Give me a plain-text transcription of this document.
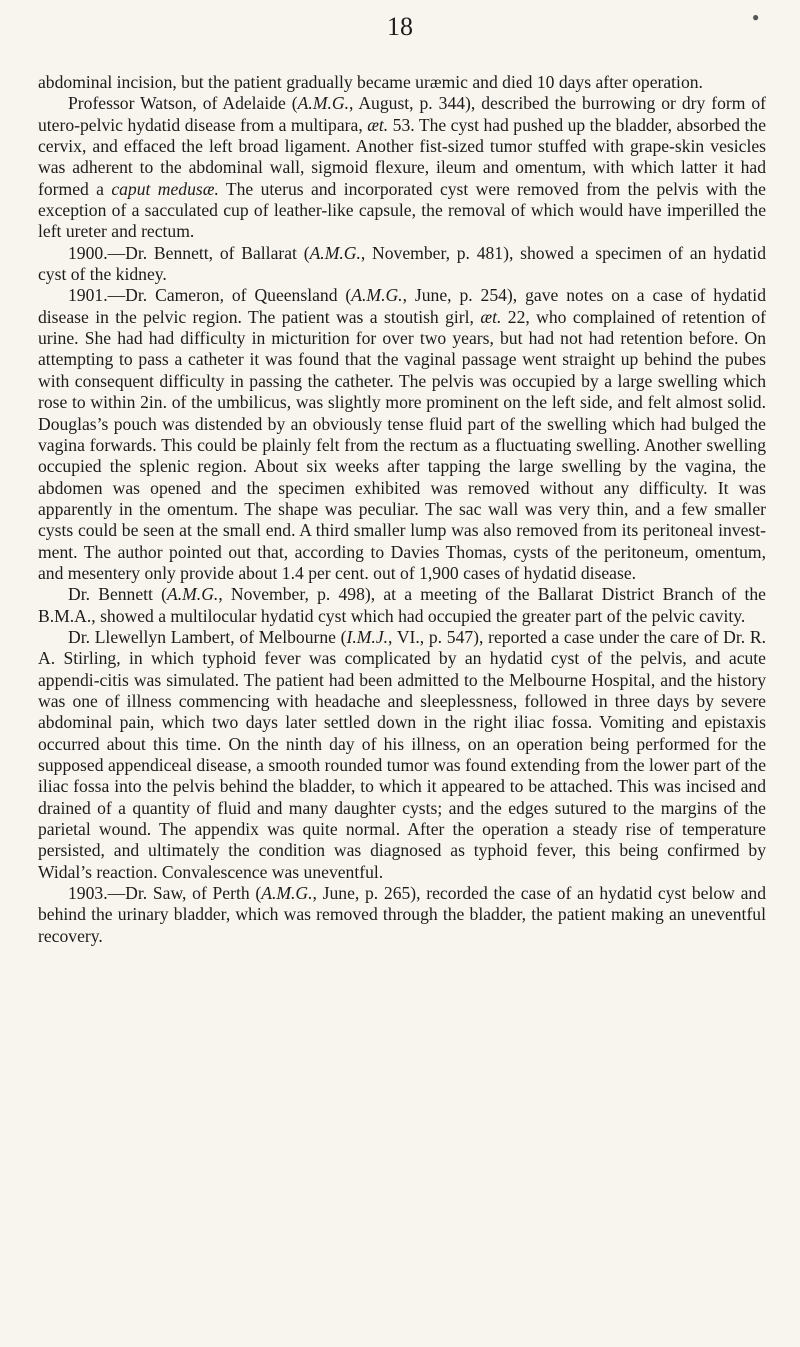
18	●

abdominal incision, but the patient gradually became uræmic and died 10 days after operation.

Professor Watson, of Adelaide (A.M.G., August, p. 344), described the burrowing or dry form of utero-pelvic hydatid disease from a multipara, æt. 53. The cyst had pushed up the bladder, absorbed the cervix, and effaced the left broad ligament. Another fist-sized tumor stuffed with grape-skin vesicles was adherent to the abdominal wall, sigmoid flexure, ileum and omentum, with which latter it had formed a caput medusæ. The uterus and incorporated cyst were removed from the pelvis with the exception of a sacculated cup of leather-like capsule, the removal of which would have imperilled the left ureter and rectum.

1900.—Dr. Bennett, of Ballarat (A.M.G., November, p. 481), showed a specimen of an hydatid cyst of the kidney.

1901.—Dr. Cameron, of Queensland (A.M.G., June, p. 254), gave notes on a case of hydatid disease in the pelvic region. The patient was a stoutish girl, æt. 22, who complained of retention of urine. She had had difficulty in micturition for over two years, but had not had retention before. On attempting to pass a catheter it was found that the vaginal passage went straight up behind the pubes with consequent difficulty in passing the catheter. The pelvis was occupied by a large swelling which rose to within 2in. of the umbilicus, was slightly more prominent on the left side, and felt almost solid. Douglas’s pouch was distended by an obviously tense fluid part of the swelling which had bulged the vagina forwards. This could be plainly felt from the rectum as a fluctuating swelling. Another swelling occupied the splenic region. About six weeks after tapping the large swelling by the vagina, the abdomen was opened and the specimen exhibited was removed without any difficulty. It was apparently in the omentum. The shape was peculiar. The sac wall was very thin, and a few smaller cysts could be seen at the small end. A third smaller lump was also removed from its peritoneal invest-ment. The author pointed out that, according to Davies Thomas, cysts of the peritoneum, omentum, and mesentery only provide about 1.4 per cent. out of 1,900 cases of hydatid disease.

Dr. Bennett (A.M.G., November, p. 498), at a meeting of the Ballarat District Branch of the B.M.A., showed a multilocular hydatid cyst which had occupied the greater part of the pelvic cavity.

Dr. Llewellyn Lambert, of Melbourne (I.M.J., VI., p. 547), reported a case under the care of Dr. R. A. Stirling, in which typhoid fever was complicated by an hydatid cyst of the pelvis, and acute appendi-citis was simulated. The patient had been admitted to the Melbourne Hospital, and the history was one of illness commencing with headache and sleeplessness, followed in three days by severe abdominal pain, which two days later settled down in the right iliac fossa. Vomiting and epistaxis occurred about this time. On the ninth day of his illness, on an operation being performed for the supposed appendiceal disease, a smooth rounded tumor was found extending from the lower part of the iliac fossa into the pelvis behind the bladder, to which it appeared to be attached. This was incised and drained of a quantity of fluid and many daughter cysts; and the edges sutured to the margins of the parietal wound. The appendix was quite normal. After the operation a steady rise of temperature persisted, and ultimately the condition was diagnosed as typhoid fever, this being confirmed by Widal’s reaction. Convalescence was uneventful.

1903.—Dr. Saw, of Perth (A.M.G., June, p. 265), recorded the case of an hydatid cyst below and behind the urinary bladder, which was removed through the bladder, the patient making an uneventful recovery.
